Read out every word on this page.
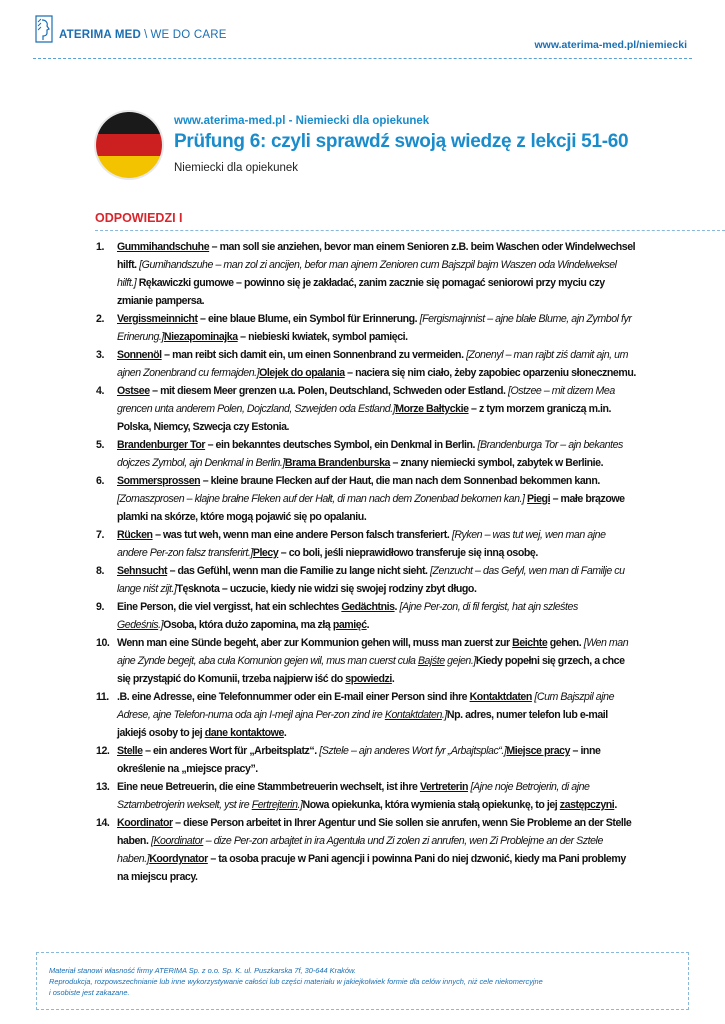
ATERIMA MED \ WE DO CARE
www.aterima-med.pl/niemiecki
www.aterima-med.pl - Niemiecki dla opiekunek
Prüfung 6: czyli sprawdź swoją wiedzę z lekcji 51-60
Niemiecki dla opiekunek
ODPOWIEDZI I
1.	Gummihandschuhe – man soll sie anziehen, bevor man einem Senioren z.B. beim Waschen oder Windelwechsel hilft. [Gumihandszuhe – man zol zi ancijen, befor man ajnem Zenioren cum Bajszpil bajm Waszen oda Windelweksel hilft.] Rękawiczki gumowe – powinno się je zakładać, zanim zacznie się pomagać seniorowi przy myciu czy zmianie pampersa.
2.	Vergissmeinnicht – eine blaue Blume, ein Symbol für Erinnerung. [Fergismajnnist – ajne blałe Blume, ajn Zymbol fyr Erinerung.]Niezapominajka – niebieski kwiatek, symbol pamięci.
3.	Sonnenöl – man reibt sich damit ein, um einen Sonnenbrand zu vermeiden. [Zonenyl – man rajbt ziś damit ajn, um ajnen Zonenbrand cu fermajden.]Olejek do opalania – naciera się nim ciało, żeby zapobiec oparzeniu słonecznemu.
4.	Ostsee – mit diesem Meer grenzen u.a. Polen, Deutschland, Schweden oder Estland. [Ostzee – mit dizem Mea grencen unta anderem Polen, Dojczland, Szwejden oda Estland.]Morze Bałtyckie – z tym morzem graniczą m.in. Polska, Niemcy, Szwecja czy Estonia.
5.	Brandenburger Tor – ein bekanntes deutsches Symbol, ein Denkmal in Berlin. [Brandenburga Tor – ajn bekantes dojczes Zymbol, ajn Denkmal in Berlin.]Brama Brandenburska – znany niemiecki symbol, zabytek w Berlinie.
6.	Sommersprossen – kleine braune Flecken auf der Haut, die man nach dem Sonnenbad bekommen kann. [Zomaszprosen – klajne brałne Fleken auf der Hałt, di man nach dem Zonenbad bekomen kan.] Piegi – małe brązowe plamki na skórze, które mogą pojawić się po opalaniu.
7.	Rücken – was tut weh, wenn man eine andere Person falsch transferiert. [Ryken – was tut wej, wen man ajne andere Per-zon falsz transferirt.]Plecy – co boli, jeśli nieprawidłowo transferuje się inną osobę.
8.	Sehnsucht – das Gefühl, wenn man die Familie zu lange nicht sieht. [Zenzucht – das Gefyl, wen man di Familje cu lange niśt zijt.]Tęsknota – uczucie, kiedy nie widzi się swojej rodziny zbyt długo.
9.	Eine Person, die viel vergisst, hat ein schlechtes Gedächtnis. [Ajne Per-zon, di fil fergist, hat ajn szleśtes Gedeśnis.]Osoba, która dużo zapomina, ma złą pamięć.
10. Wenn man eine Sünde begeht, aber zur Kommunion gehen will, muss man zuerst zur Beichte gehen. [Wen man ajne Zynde begejt, aba cuła Komunion gejen wil, mus man cuerst cuła Bajśte gejen.]Kiedy popełni się grzech, a chce się przystąpić do Komunii, trzeba najpierw iść do spowiedzi.
11. .B. eine Adresse, eine Telefonnummer oder ein E-mail einer Person sind ihre Kontaktdaten [Cum Bajszpil ajne Adrese, ajne Telefon-numa oda ajn I-mejl ajna Per-zon zind ire Kontaktdaten.]Np. adres, numer telefon lub e-mail jakiejś osoby to jej dane kontaktowe.
12. Stelle – ein anderes Wort für „Arbeitsplatz“. [Sztele – ajn anderes Wort fyr „Arbajtsplac“.]Miejsce pracy – inne określenie na „miejsce pracy”.
13. Eine neue Betreuerin, die eine Stammbetreuerin wechselt, ist ihre Vertreterin [Ajne noje Betrojerin, di ajne Sztambetrojerin wekselt, yst ire Fertrejterin.]Nowa opiekunka, która wymienia stałą opiekunkę, to jej zastępczyni.
14. Koordinator – diese Person arbeitet in Ihrer Agentur und Sie sollen sie anrufen, wenn Sie Probleme an der Stelle haben. [Koordinator – dize Per-zon arbajtet in ira Agentuła und Zi zolen zi anrufen, wen Zi Problejme an der Sztele haben.]Koordynator – ta osoba pracuje w Pani agencji i powinna Pani do niej dzwonić, kiedy ma Pani problemy na miejscu pracy.
Materiał stanowi własność firmy ATERIMA Sp. z o.o. Sp. K. ul. Puszkarska 7f, 30-644 Kraków.
Reprodukcja, rozpowszechnianie lub inne wykorzystywanie całości lub części materiału w jakiejkolwiek formie dla celów innych, niż cele niekomercyjne
i osobiste jest zakazane.
